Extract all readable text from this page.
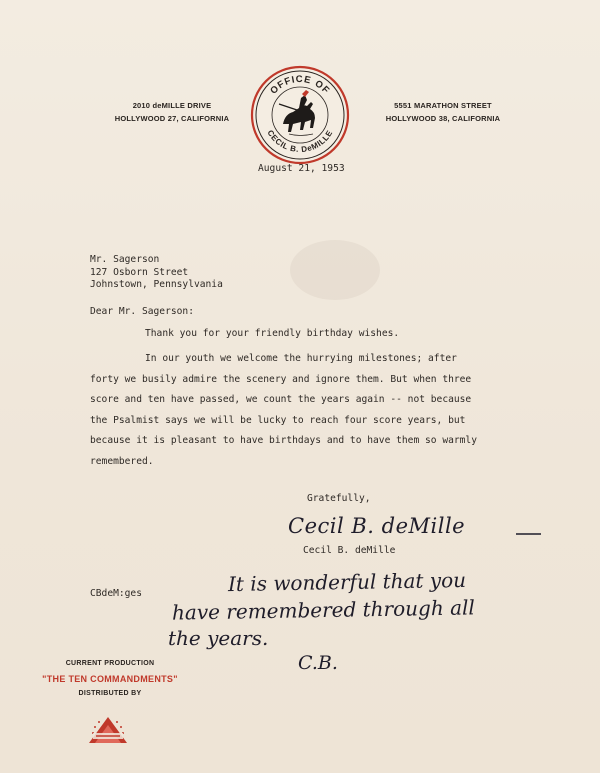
2010 deMILLE DRIVE
HOLLYWOOD 27, CALIFORNIA
OFFICE OF
CECIL B. DeMILLE
5551 MARATHON STREET
HOLLYWOOD 38, CALIFORNIA
August 21, 1953
Mr. Sagerson
127 Osborn Street
Johnstown, Pennsylvania
Dear Mr. Sagerson:
Thank you for your friendly birthday wishes.
In our youth we welcome the hurrying milestones; after
forty we busily admire the scenery and ignore them. But when three
score and ten have passed, we count the years again -- not because
the Psalmist says we will be lucky to reach four score years, but
because it is pleasant to have birthdays and to have them so warmly
remembered.
Gratefully,
Cecil B. deMille
Cecil B. deMille
CBdeM:ges	It is wonderful that you
have remembered through all
the years.
C.B.
CURRENT PRODUCTION
"THE TEN COMMANDMENTS"
DISTRIBUTED BY
